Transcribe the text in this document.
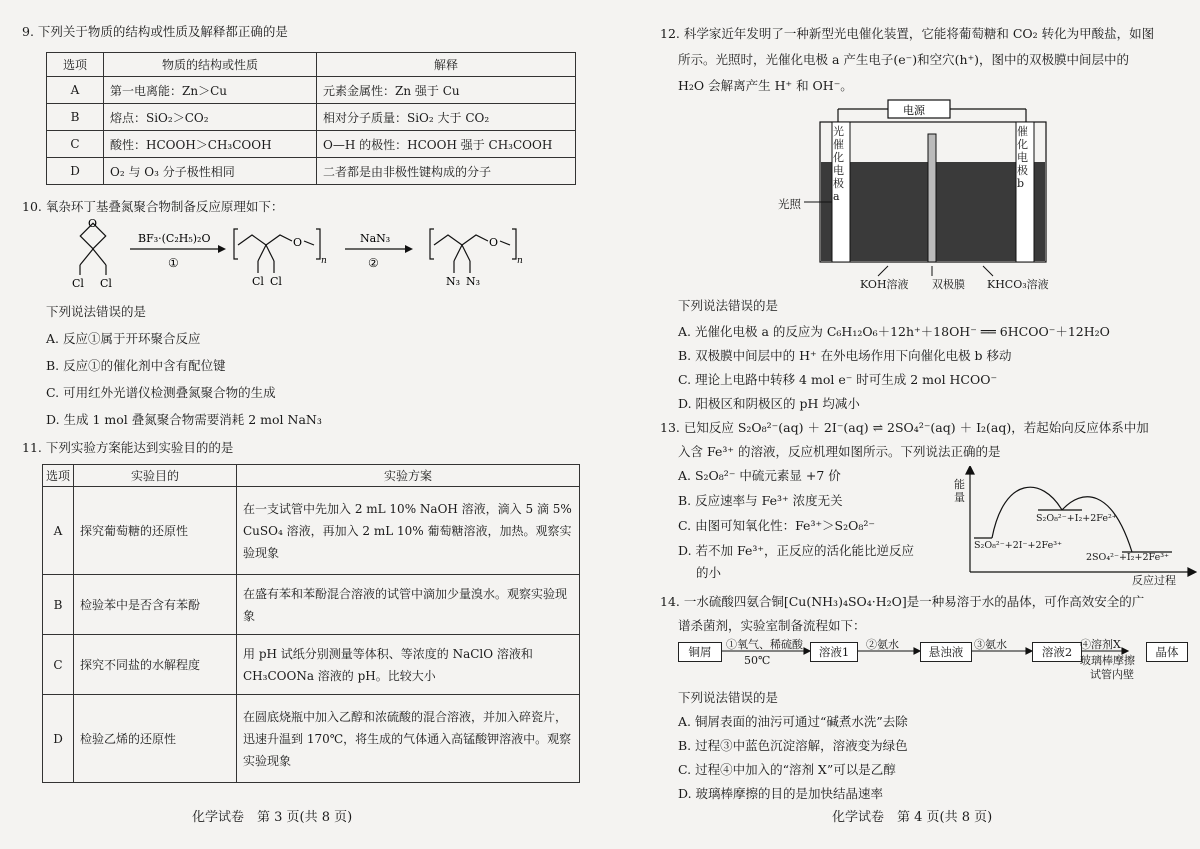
9. 下列关于物质的结构或性质及解释都正确的是
选项	物质的结构或性质	解释
A	第一电离能：Zn＞Cu	元素金属性：Zn 强于 Cu
B	熔点：SiO₂＞CO₂	相对分子质量：SiO₂ 大于 CO₂
C	酸性：HCOOH＞CH₃COOH	O—H 的极性：HCOOH 强于 CH₃COOH
D	O₂ 与 O₃ 分子极性相同	二者都是由非极性键构成的分子
10. 氧杂环丁基叠氮聚合物制备反应原理如下：
O
Cl Cl
BF₃·(C₂H₅)₂O
①
O
n
Cl Cl
NaN₃
②
O
n
N₃ N₃
下列说法错误的是
A. 反应①属于开环聚合反应
B. 反应①的催化剂中含有配位键
C. 可用红外光谱仪检测叠氮聚合物的生成
D. 生成 1 mol 叠氮聚合物需要消耗 2 mol NaN₃
11. 下列实验方案能达到实验目的的是
选项	实验目的	实验方案
A	探究葡萄糖的还原性	在一支试管中先加入 2 mL 10% NaOH 溶液，滴入 5 滴 5% CuSO₄ 溶液，再加入 2 mL 10% 葡萄糖溶液，加热。观察实验现象
B	检验苯中是否含有苯酚	在盛有苯和苯酚混合溶液的试管中滴加少量溴水。观察实验现象
C	探究不同盐的水解程度	用 pH 试纸分别测量等体积、等浓度的 NaClO 溶液和 CH₃COONa 溶液的 pH。比较大小
D	检验乙烯的还原性	在圆底烧瓶中加入乙醇和浓硫酸的混合溶液，并加入碎瓷片，迅速升温到 170℃，将生成的气体通入高锰酸钾溶液中。观察实验现象
化学试卷　第 3 页(共 8 页)
12. 科学家近年发明了一种新型光电催化装置，它能将葡萄糖和 CO₂ 转化为甲酸盐，如图
所示。光照时，光催化电极 a 产生电子(e⁻)和空穴(h⁺)，图中的双极膜中间层中的
H₂O 会解离产生 H⁺ 和 OH⁻。
电源
光照
光催化电极a
催化电极b
KOH溶液 双极膜 KHCO₃溶液
下列说法错误的是
A. 光催化电极 a 的反应为 C₆H₁₂O₆＋12h⁺＋18OH⁻ ══ 6HCOO⁻＋12H₂O
B. 双极膜中间层中的 H⁺ 在外电场作用下向催化电极 b 移动
C. 理论上电路中转移 4 mol e⁻ 时可生成 2 mol HCOO⁻
D. 阳极区和阴极区的 pH 均减小
13. 已知反应 S₂O₈²⁻(aq) ＋ 2I⁻(aq) ⇌ 2SO₄²⁻(aq) ＋ I₂(aq)，若起始向反应体系中加
入含 Fe³⁺ 的溶液，反应机理如图所示。下列说法正确的是
A. S₂O₈²⁻ 中硫元素显 +7 价
B. 反应速率与 Fe³⁺ 浓度无关
C. 由图可知氧化性：Fe³⁺＞S₂O₈²⁻
D. 若不加 Fe³⁺，正反应的活化能比逆反应
的小
能量
反应过程
S₂O₈²⁻+2I⁻+2Fe³⁺
S₂O₈²⁻+I₂+2Fe²⁺
2SO₄²⁻+I₂+2Fe³⁺
14. 一水硫酸四氨合铜[Cu(NH₃)₄SO₄·H₂O]是一种易溶于水的晶体，可作高效安全的广
谱杀菌剂，实验室制备流程如下：
铜屑
①氧气、稀硫酸
50℃
溶液1
②氨水
悬浊液
③氨水
溶液2
④溶剂X
玻璃棒摩擦
试管内壁
晶体
下列说法错误的是
A. 铜屑表面的油污可通过“碱煮水洗”去除
B. 过程③中蓝色沉淀溶解，溶液变为绿色
C. 过程④中加入的“溶剂 X”可以是乙醇
D. 玻璃棒摩擦的目的是加快结晶速率
化学试卷　第 4 页(共 8 页)
